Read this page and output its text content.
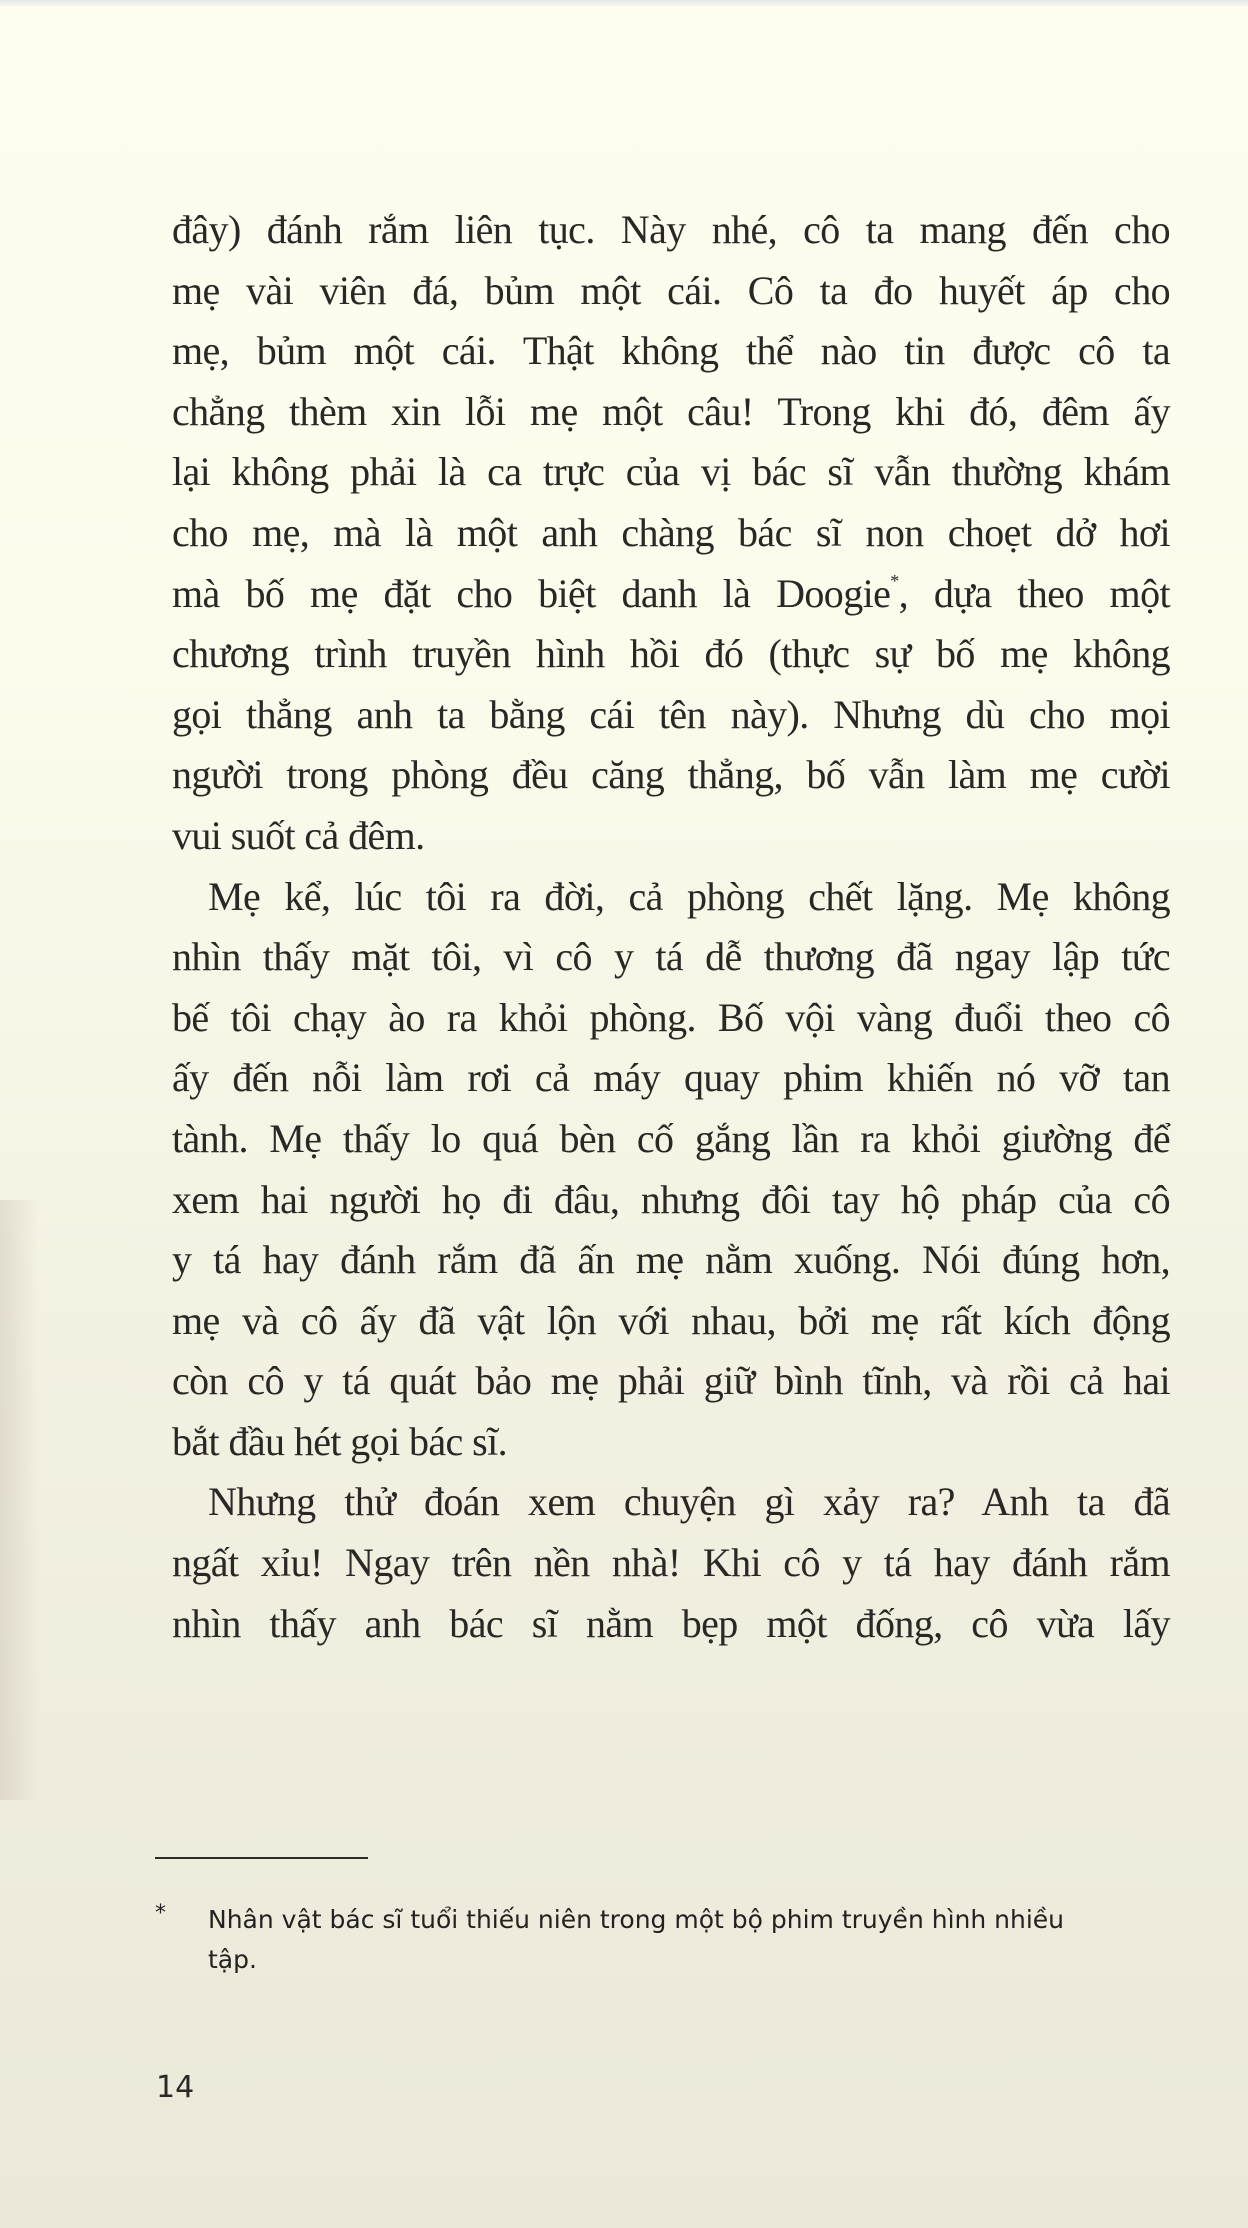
đây) đánh rắm liên tục. Này nhé, cô ta mang đến cho
mẹ vài viên đá, bủm một cái. Cô ta đo huyết áp cho
mẹ, bủm một cái. Thật không thể nào tin được cô ta
chẳng thèm xin lỗi mẹ một câu! Trong khi đó, đêm ấy
lại không phải là ca trực của vị bác sĩ vẫn thường khám
cho mẹ, mà là một anh chàng bác sĩ non choẹt dở hơi
mà bố mẹ đặt cho biệt danh là Doogie*, dựa theo một
chương trình truyền hình hồi đó (thực sự bố mẹ không
gọi thẳng anh ta bằng cái tên này). Nhưng dù cho mọi
người trong phòng đều căng thẳng, bố vẫn làm mẹ cười
vui suốt cả đêm.
Mẹ kể, lúc tôi ra đời, cả phòng chết lặng. Mẹ không
nhìn thấy mặt tôi, vì cô y tá dễ thương đã ngay lập tức
bế tôi chạy ào ra khỏi phòng. Bố vội vàng đuổi theo cô
ấy đến nỗi làm rơi cả máy quay phim khiến nó vỡ tan
tành. Mẹ thấy lo quá bèn cố gắng lần ra khỏi giường để
xem hai người họ đi đâu, nhưng đôi tay hộ pháp của cô
y tá hay đánh rắm đã ấn mẹ nằm xuống. Nói đúng hơn,
mẹ và cô ấy đã vật lộn với nhau, bởi mẹ rất kích động
còn cô y tá quát bảo mẹ phải giữ bình tĩnh, và rồi cả hai
bắt đầu hét gọi bác sĩ.
Nhưng thử đoán xem chuyện gì xảy ra? Anh ta đã
ngất xỉu! Ngay trên nền nhà! Khi cô y tá hay đánh rắm
nhìn thấy anh bác sĩ nằm bẹp một đống, cô vừa lấy
*	Nhân vật bác sĩ tuổi thiếu niên trong một bộ phim truyền hình nhiều
tập.
14
